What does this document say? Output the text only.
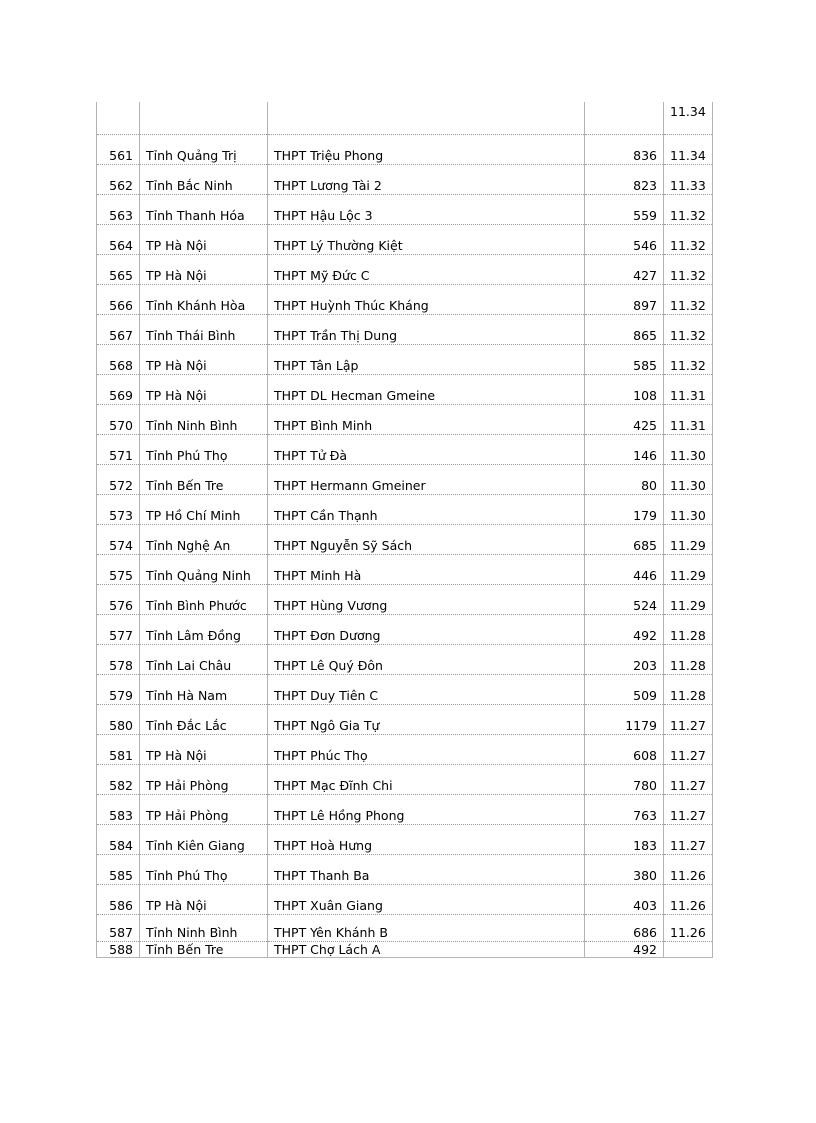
				11.34

561	Tỉnh Quảng Trị	THPT Triệu Phong	836	11.34
562	Tỉnh Bắc Ninh	THPT Lương Tài 2	823	11.33
563	Tỉnh Thanh Hóa	THPT Hậu Lộc 3	559	11.32
564	TP Hà Nội	THPT Lý Thường Kiệt	546	11.32
565	TP Hà Nội	THPT Mỹ Đức C	427	11.32
566	Tỉnh Khánh Hòa	THPT Huỳnh Thúc Kháng	897	11.32
567	Tỉnh Thái Bình	THPT Trần Thị Dung	865	11.32
568	TP Hà Nội	THPT Tân Lập	585	11.32
569	TP Hà Nội	THPT DL Hecman Gmeine	108	11.31
570	Tỉnh Ninh Bình	THPT Bình Minh	425	11.31
571	Tỉnh Phú Thọ	THPT Tử Đà	146	11.30
572	Tỉnh Bến Tre	THPT Hermann Gmeiner	80	11.30
573	TP Hồ Chí Minh	THPT Cần Thạnh	179	11.30
574	Tỉnh Nghệ An	THPT Nguyễn Sỹ Sách	685	11.29
575	Tỉnh Quảng Ninh	THPT Minh Hà	446	11.29
576	Tỉnh Bình Phước	THPT Hùng Vương	524	11.29
577	Tỉnh Lâm Đồng	THPT Đơn Dương	492	11.28
578	Tỉnh Lai Châu	THPT Lê Quý Đôn	203	11.28
579	Tỉnh Hà Nam	THPT Duy Tiên C	509	11.28
580	Tỉnh Đắc Lắc	THPT Ngô Gia Tự	1179	11.27
581	TP Hà Nội	THPT Phúc Thọ	608	11.27
582	TP Hải Phòng	THPT Mạc Đĩnh Chi	780	11.27
583	TP Hải Phòng	THPT Lê Hồng Phong	763	11.27
584	Tỉnh Kiên Giang	THPT Hoà Hưng	183	11.27
585	Tỉnh Phú Thọ	THPT Thanh Ba	380	11.26
586	TP Hà Nội	THPT Xuân Giang	403	11.26
587	Tỉnh Ninh Bình	THPT Yên Khánh B	686	11.26
588	Tỉnh Bến Tre	THPT Chợ Lách A	492	
